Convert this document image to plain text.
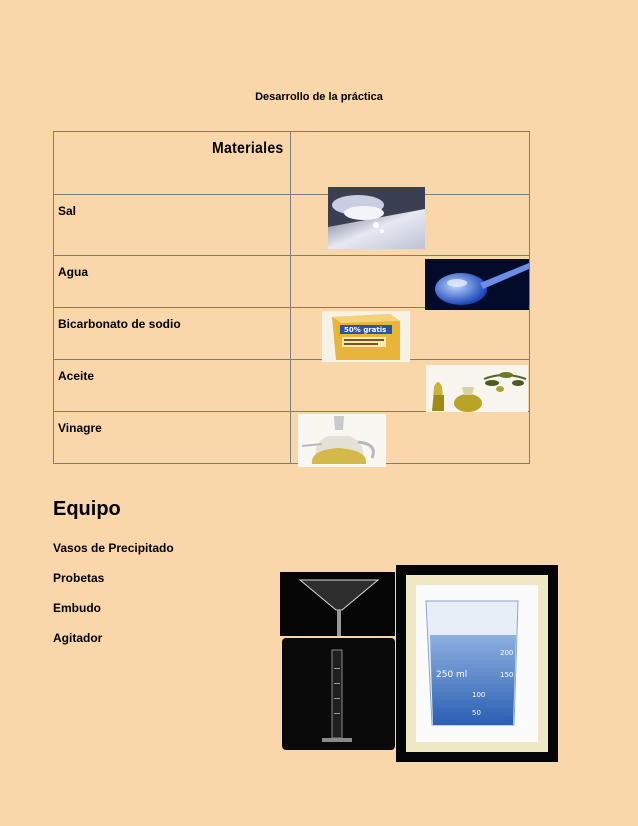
Desarrollo de la práctica
Materiales	
Sal	
Agua	
Bicarbonato de sodio	
Aceite	
Vinagre	
50% gratis
Equipo
Vasos de Precipitado
Probetas
Embudo
Agitador
250 ml
200
150
100
50
